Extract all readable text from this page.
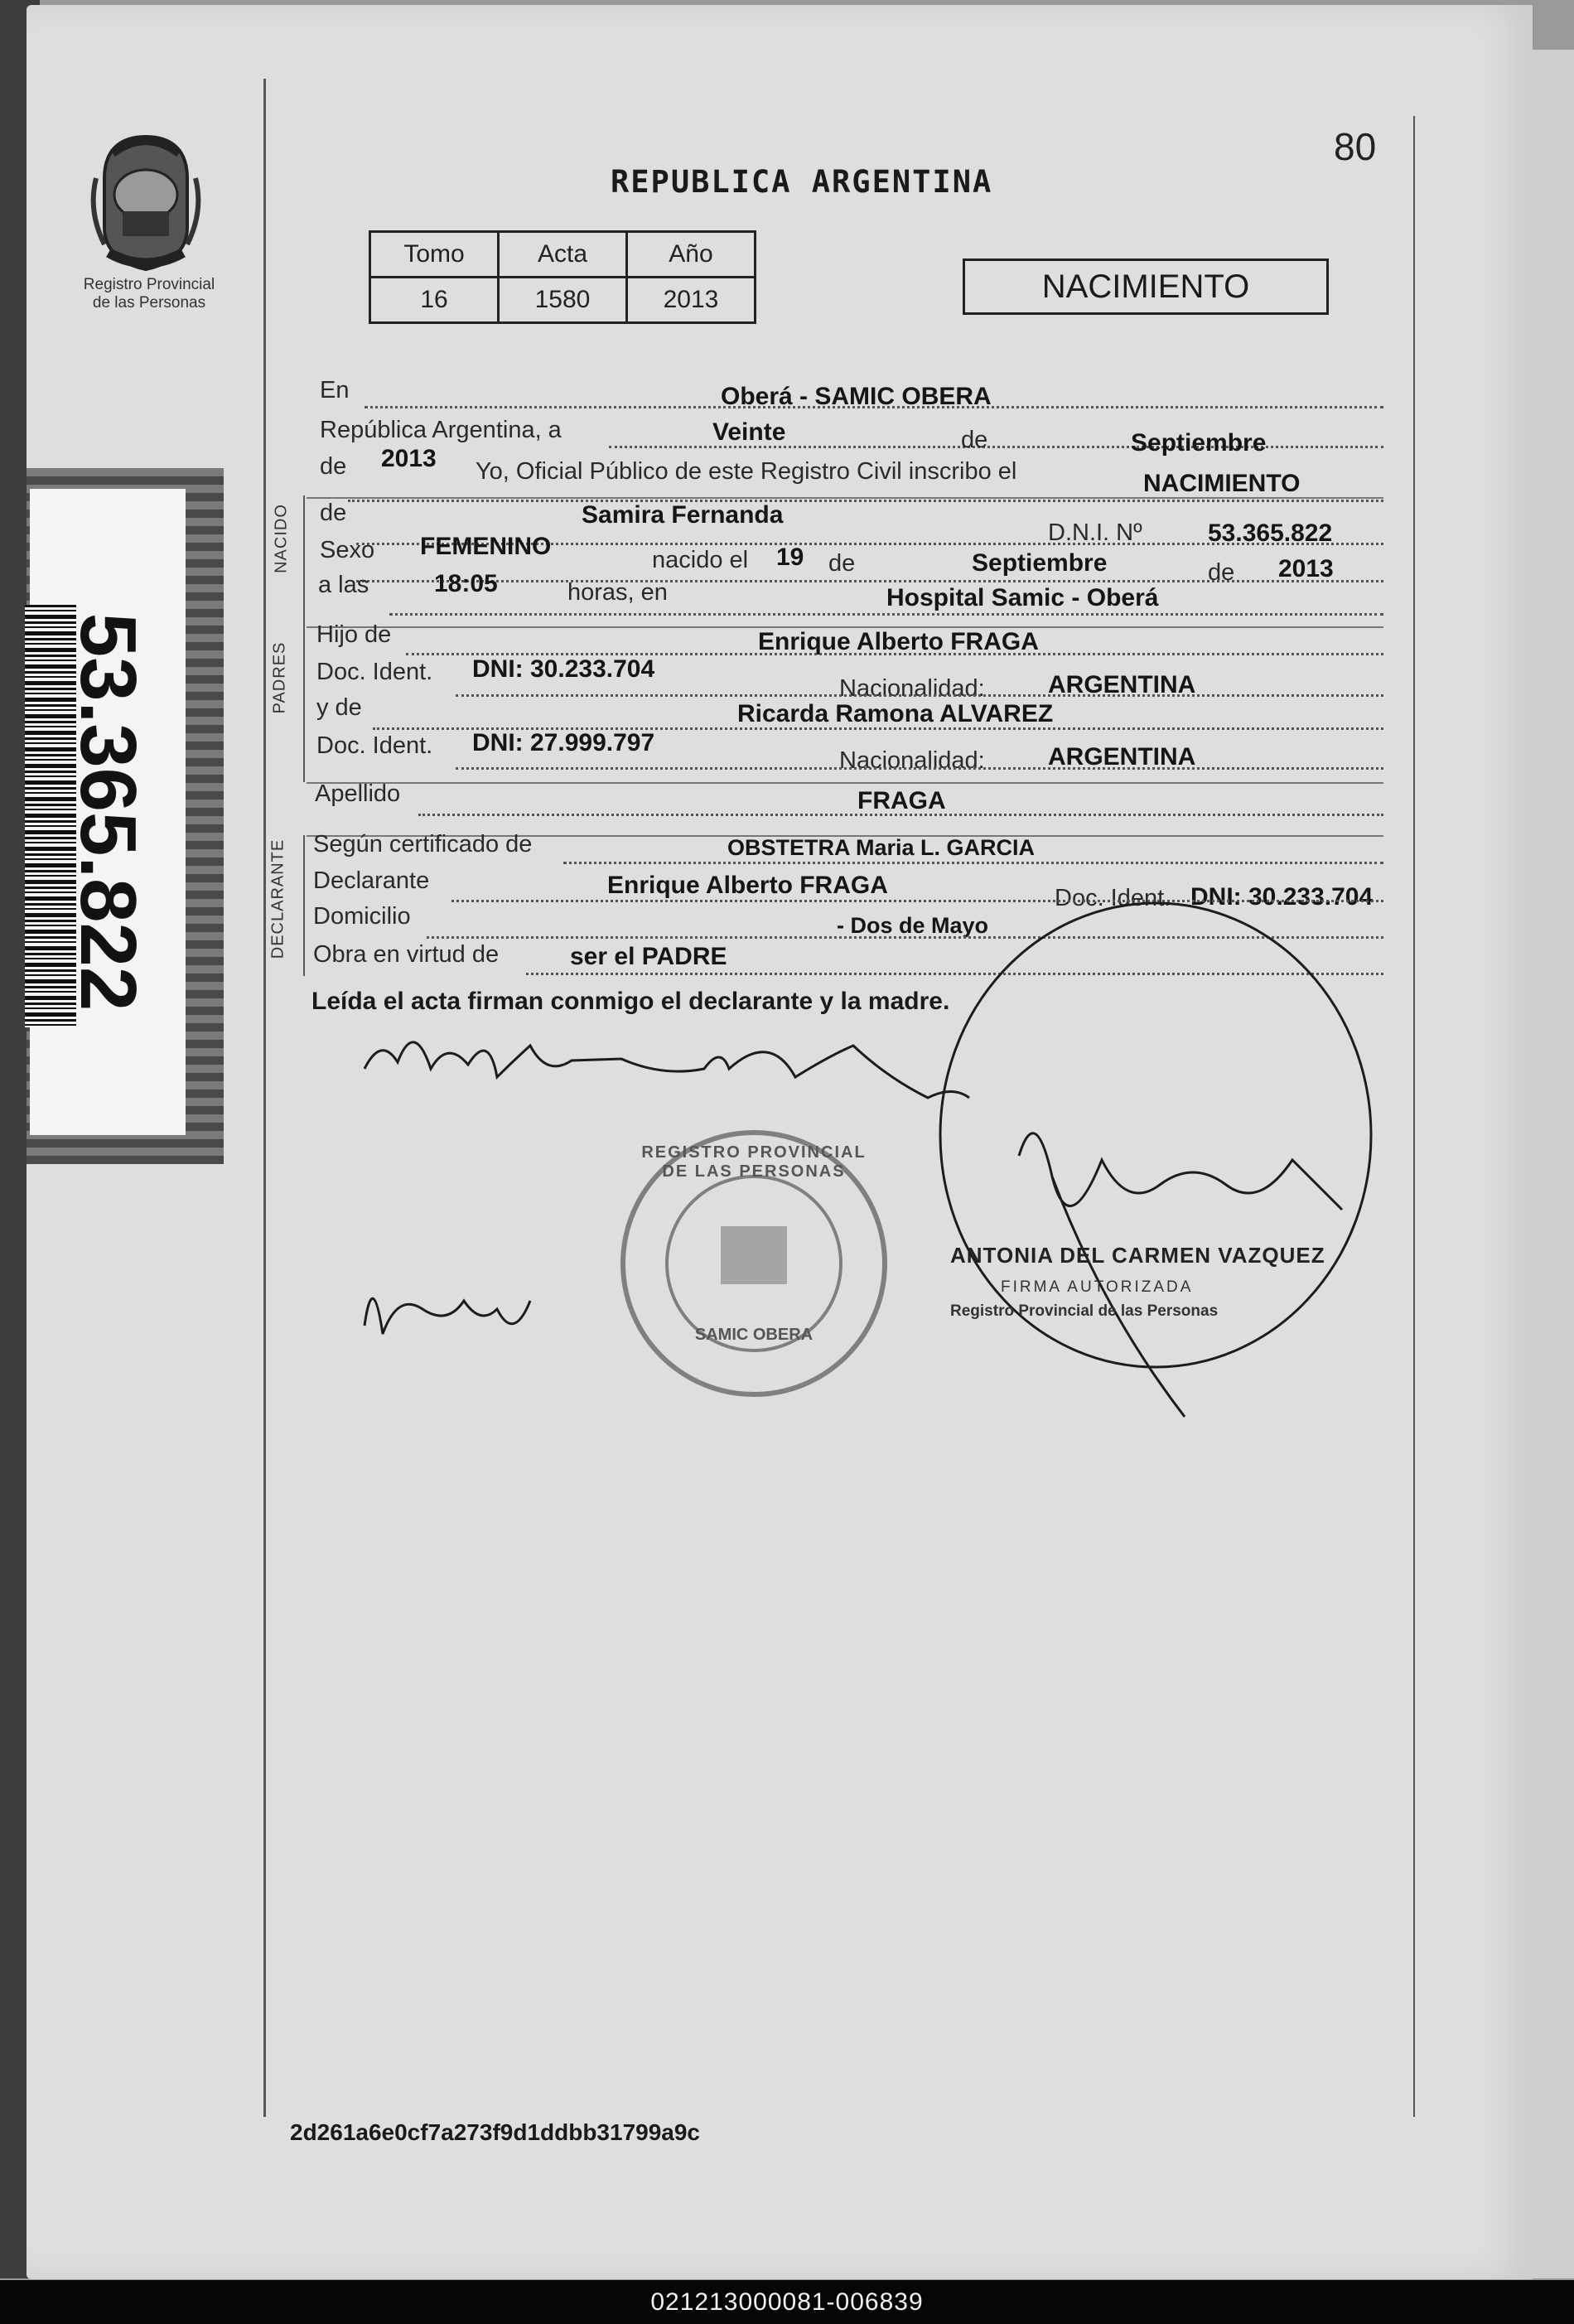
Registro Provincial
de las Personas
53.365.822
80
REPUBLICA ARGENTINA
Tomo	Acta	Año
16	1580	2013	NACIMIENTO
En	Oberá - SAMIC OBERA
República Argentina, a	Veinte	de	Septiembre
de 2013 Yo, Oficial Público de este Registro Civil inscribo el	NACIMIENTO
NACIDO de	Samira Fernanda
D.N.I. Nº	53.365.822
Sexo FEMENINO	nacido el 19 de	Septiembre	de 2013
a las	18:05	horas, en	Hospital Samic - Oberá
PADRES
Hijo de	Enrique Alberto FRAGA
Doc. Ident. DNI: 30.233.704
Nacionalidad:	ARGENTINA
y de	Ricarda Ramona ALVAREZ
Doc. Ident. DNI: 27.999.797
Nacionalidad:	ARGENTINA
Apellido	FRAGA
DECLARANTE Según certificado de	OBSTETRA Maria L. GARCIA
Declarante	Enrique Alberto FRAGA	Doc. Ident. DNI: 30.233.704
Domicilio	- Dos de Mayo
Obra en virtud de	ser el PADRE
Leída el acta firman conmigo el declarante y la madre.
REGISTRO PROVINCIAL DE LAS PERSONAS
SAMIC OBERA
ANTONIA DEL CARMEN VAZQUEZ
FIRMA AUTORIZADA
Registro Provincial de las Personas
2d261a6e0cf7a273f9d1ddbb31799a9c
021213000081-006839
